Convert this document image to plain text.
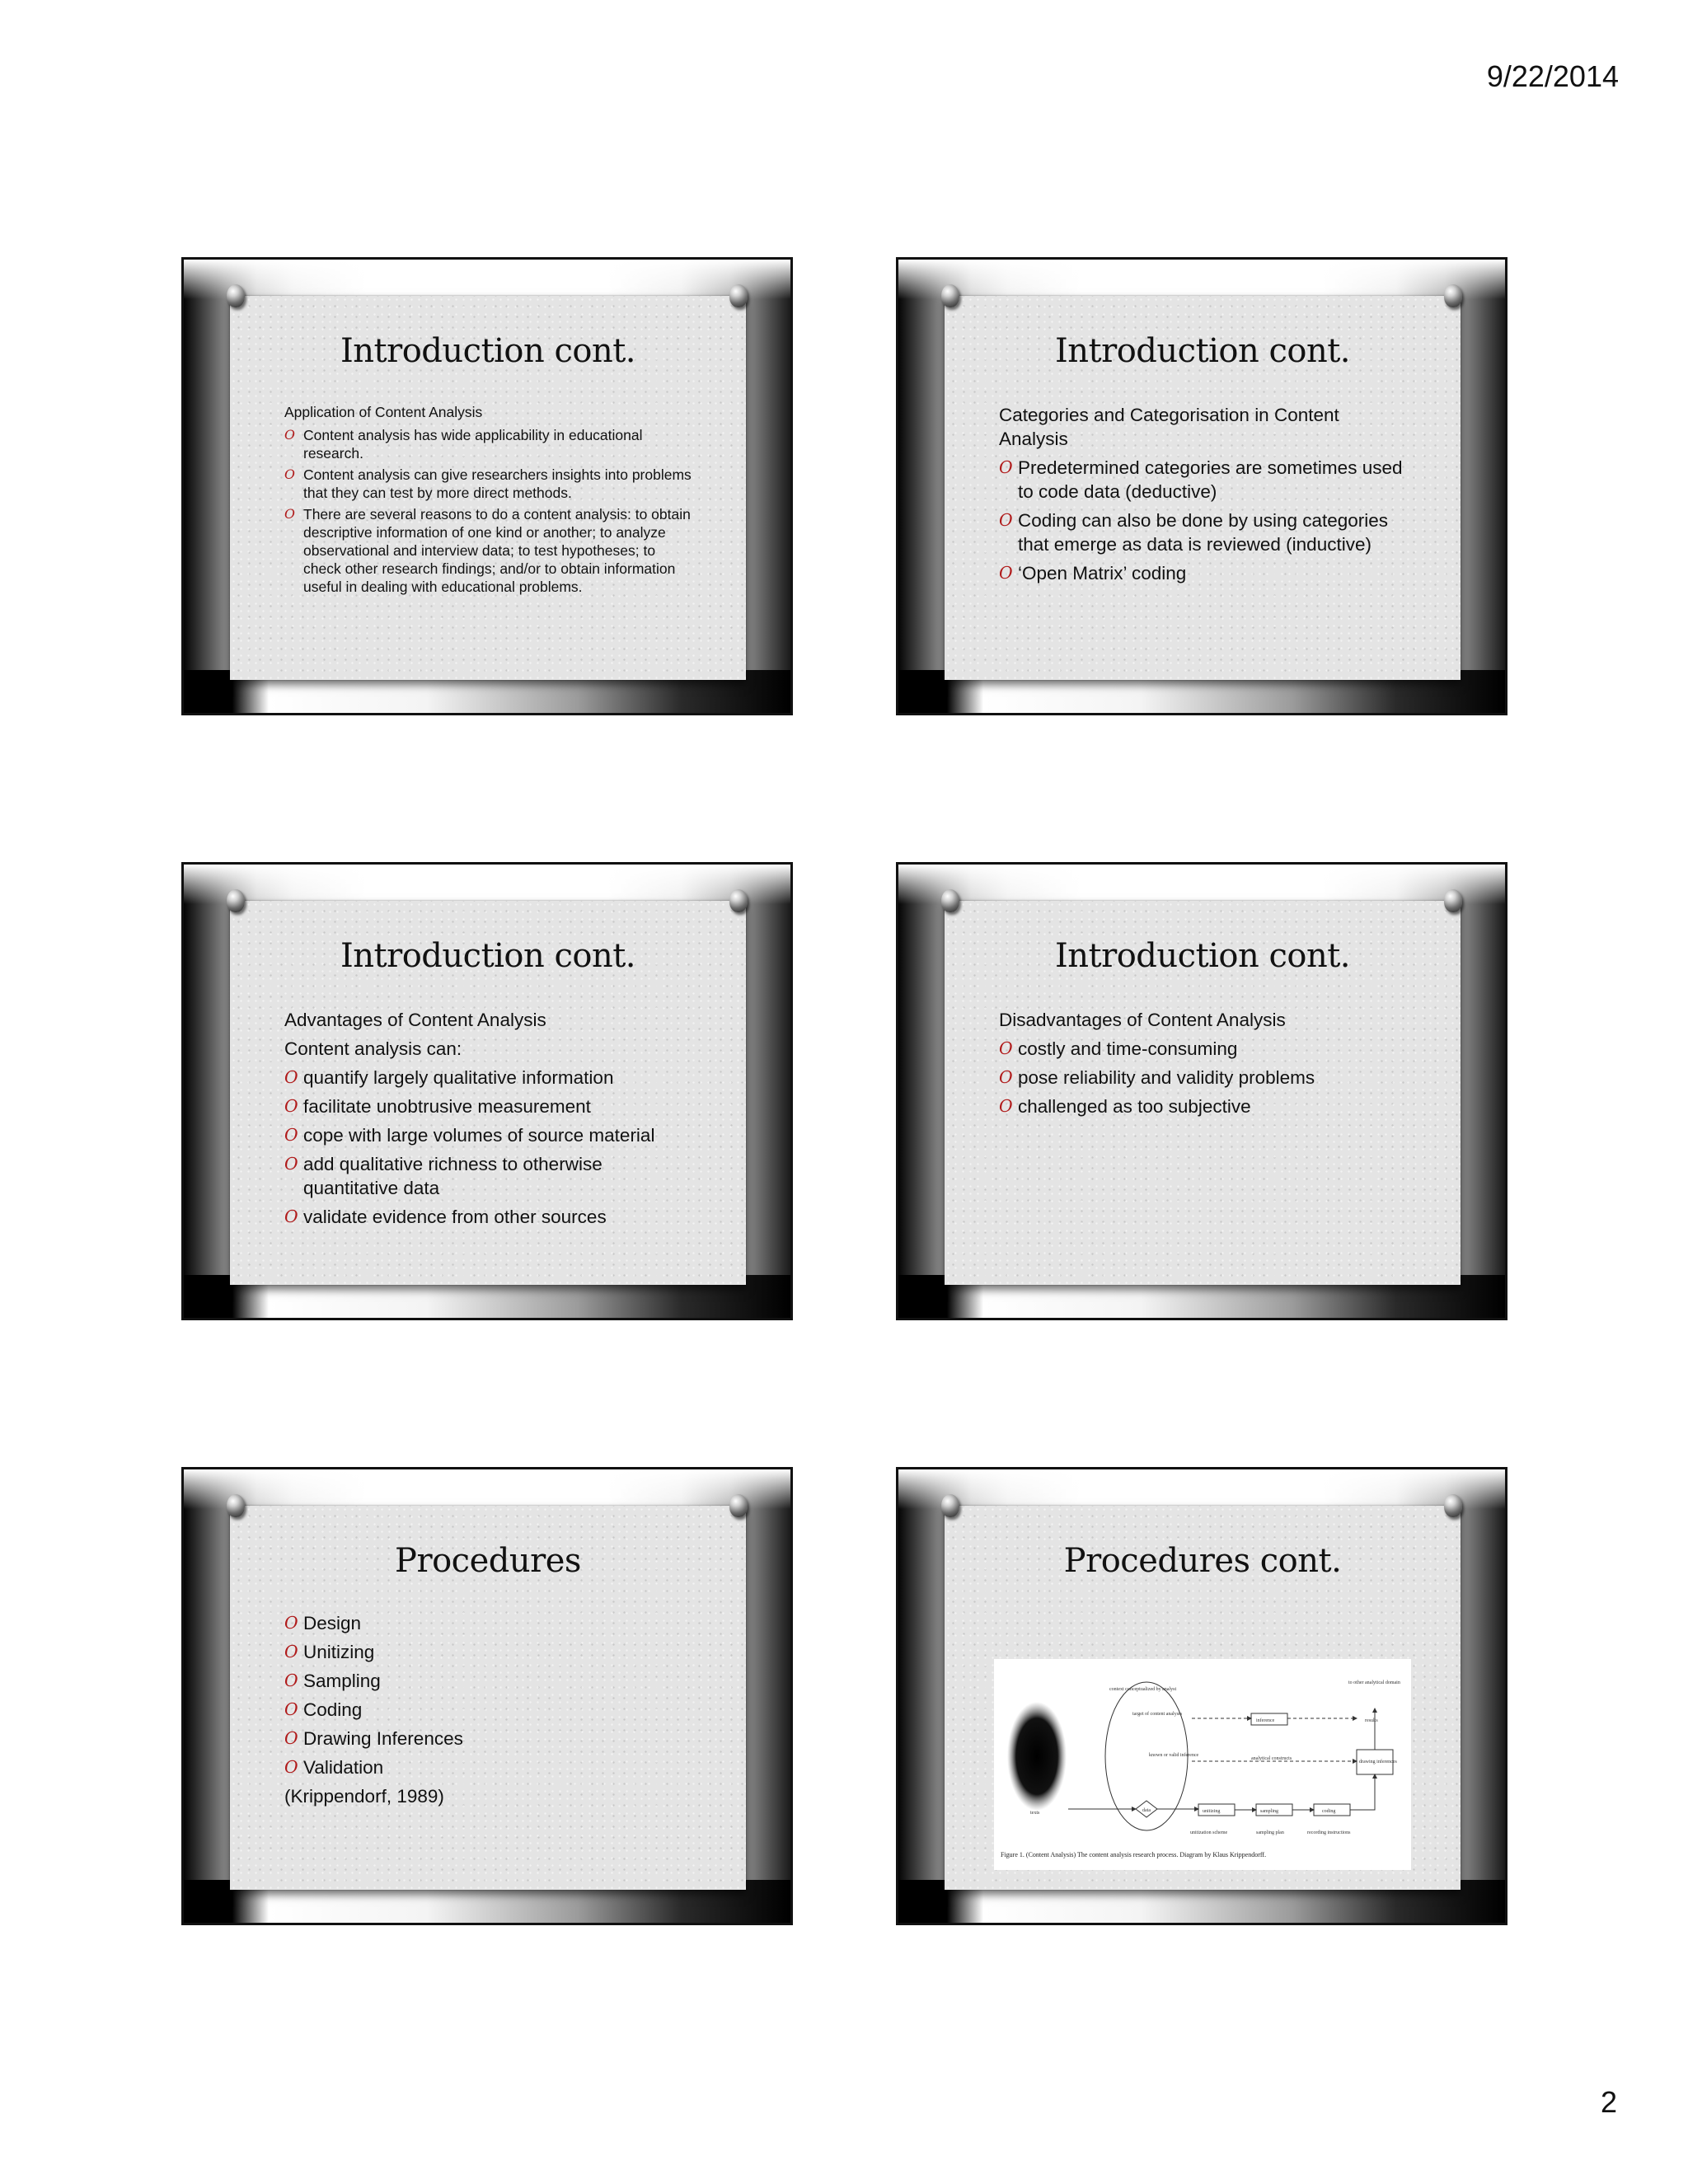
9/22/2014
Introduction cont.

Application of Content Analysis

O Content analysis has wide applicability in educational research.
O Content analysis can give researchers insights into problems that they can test by more direct methods.
O There are several reasons to do a content analysis: to obtain descriptive information of one kind or another; to analyze observational and interview data; to test hypotheses; to check other research findings; and/or to obtain information useful in dealing with educational problems.
Introduction cont.

Categories and Categorisation in Content Analysis

O Predetermined categories are sometimes used to code data (deductive)
O Coding can also be done by using categories that emerge as data is reviewed (inductive)
O ‘Open Matrix’ coding
Introduction cont.

Advantages of Content Analysis

Content analysis can:

O quantify largely qualitative information
O facilitate unobtrusive measurement
O cope with large volumes of source material
O add qualitative richness to otherwise quantitative data
O validate evidence from other sources
Introduction cont.

Disadvantages of Content Analysis

O costly and time-consuming
O pose reliability and validity problems
O challenged as too subjective
Procedures
O Design
O Unitizing
O Sampling
O Coding
O Drawing Inferences
O Validation

(Krippendorf, 1989)

Procedures cont.
context conceptualized by analyst
target of content analysis
known or valid inference
to other analytical domain
inference	results
analytical constructs
drawing inferences
data	unitizing	sampling	coding
texts
unitization scheme	sampling plan	recording instructions
Figure 1. (Content Analysis) The content analysis research process. Diagram by Klaus Krippendorff.
2
